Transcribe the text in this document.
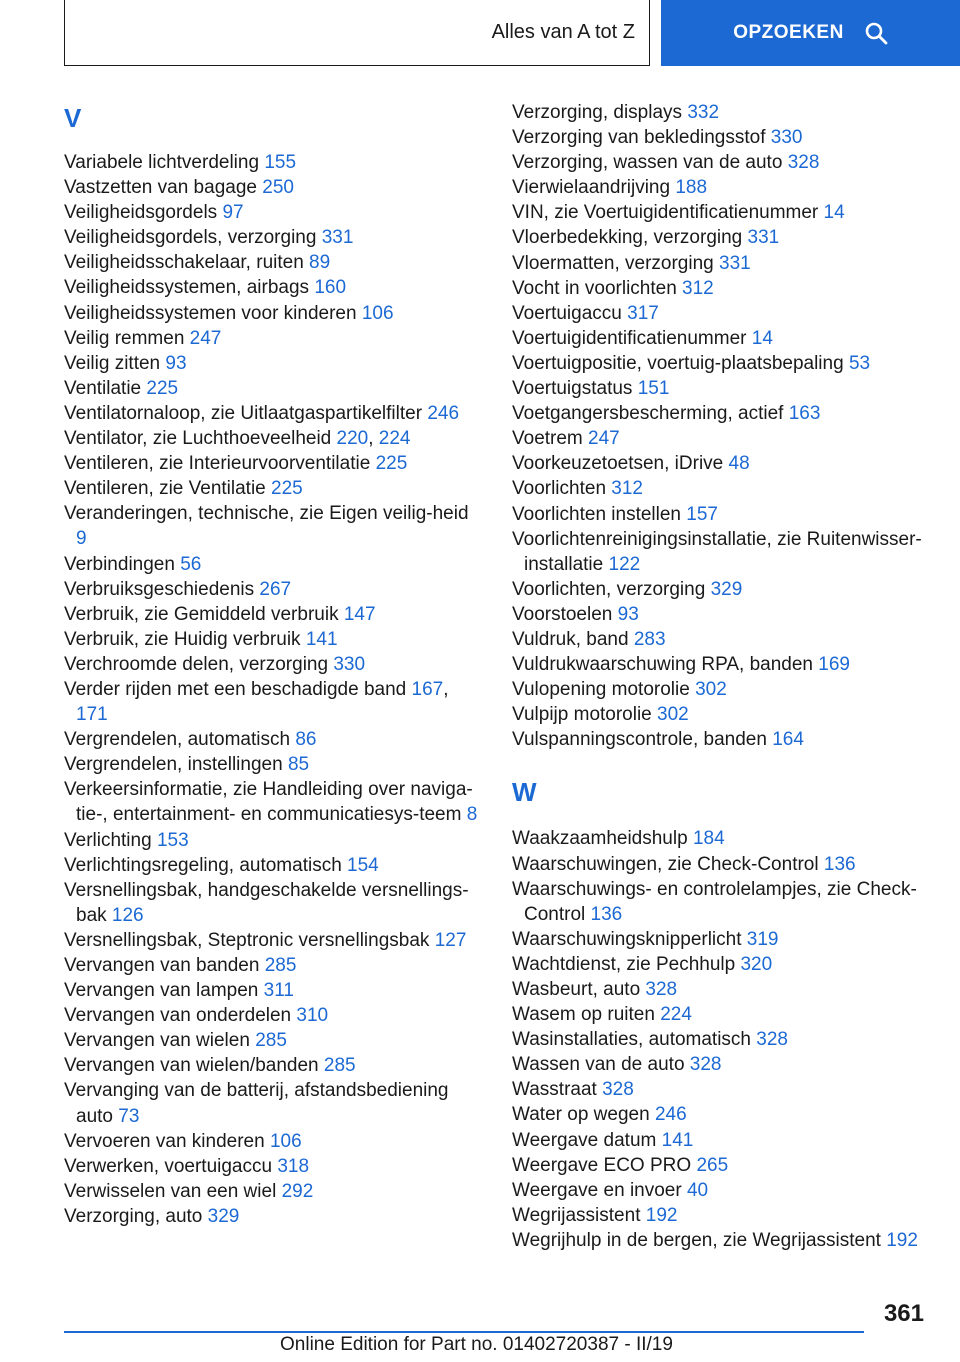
Alles van A tot Z	OPZOEKEN
V
Variabele lichtverdeling 155
Vastzetten van bagage 250
Veiligheidsgordels 97
Veiligheidsgordels, verzorging 331
Veiligheidsschakelaar, ruiten 89
Veiligheidssystemen, airbags 160
Veiligheidssystemen voor kinderen 106
Veilig remmen 247
Veilig zitten 93
Ventilatie 225
Ventilatornaloop, zie Uitlaatgaspartikelfilter 246
Ventilator, zie Luchthoeveelheid 220, 224
Ventileren, zie Interieurvoorventilatie 225
Ventileren, zie Ventilatie 225
Veranderingen, technische, zie Eigen veilig-heid 9
Verbindingen 56
Verbruiksgeschiedenis 267
Verbruik, zie Gemiddeld verbruik 147
Verbruik, zie Huidig verbruik 141
Verchroomde delen, verzorging 330
Verder rijden met een beschadigde band 167, 171
Vergrendelen, automatisch 86
Vergrendelen, instellingen 85
Verkeersinformatie, zie Handleiding over naviga-tie-, entertainment- en communicatiesys-teem 8
Verlichting 153
Verlichtingsregeling, automatisch 154
Versnellingsbak, handgeschakelde versnellings-bak 126
Versnellingsbak, Steptronic versnellingsbak 127
Vervangen van banden 285
Vervangen van lampen 311
Vervangen van onderdelen 310
Vervangen van wielen 285
Vervangen van wielen/banden 285
Vervanging van de batterij, afstandsbediening auto 73
Vervoeren van kinderen 106
Verwerken, voertuigaccu 318
Verwisselen van een wiel 292
Verzorging, auto 329
Verzorging, displays 332
Verzorging van bekledingsstof 330
Verzorging, wassen van de auto 328
Vierwielaandrijving 188
VIN, zie Voertuigidentificatienummer 14
Vloerbedekking, verzorging 331
Vloermatten, verzorging 331
Vocht in voorlichten 312
Voertuigaccu 317
Voertuigidentificatienummer 14
Voertuigpositie, voertuig-plaatsbepaling 53
Voertuigstatus 151
Voetgangersbescherming, actief 163
Voetrem 247
Voorkeuzetoetsen, iDrive 48
Voorlichten 312
Voorlichten instellen 157
Voorlichtenreinigingsinstallatie, zie Ruitenwisser-installatie 122
Voorlichten, verzorging 329
Voorstoelen 93
Vuldruk, band 283
Vuldrukwaarschuwing RPA, banden 169
Vulopening motorolie 302
Vulpijp motorolie 302
Vulspanningscontrole, banden 164
W
Waakzaamheidshulp 184
Waarschuwingen, zie Check-Control 136
Waarschuwings- en controlelampjes, zie Check-Control 136
Waarschuwingsknipperlicht 319
Wachtdienst, zie Pechhulp 320
Wasbeurt, auto 328
Wasem op ruiten 224
Wasinstallaties, automatisch 328
Wassen van de auto 328
Wasstraat 328
Water op wegen 246
Weergave datum 141
Weergave ECO PRO 265
Weergave en invoer 40
Wegrijassistent 192
Wegrijhulp in de bergen, zie Wegrijassistent 192
361
Online Edition for Part no. 01402720387 - II/19
